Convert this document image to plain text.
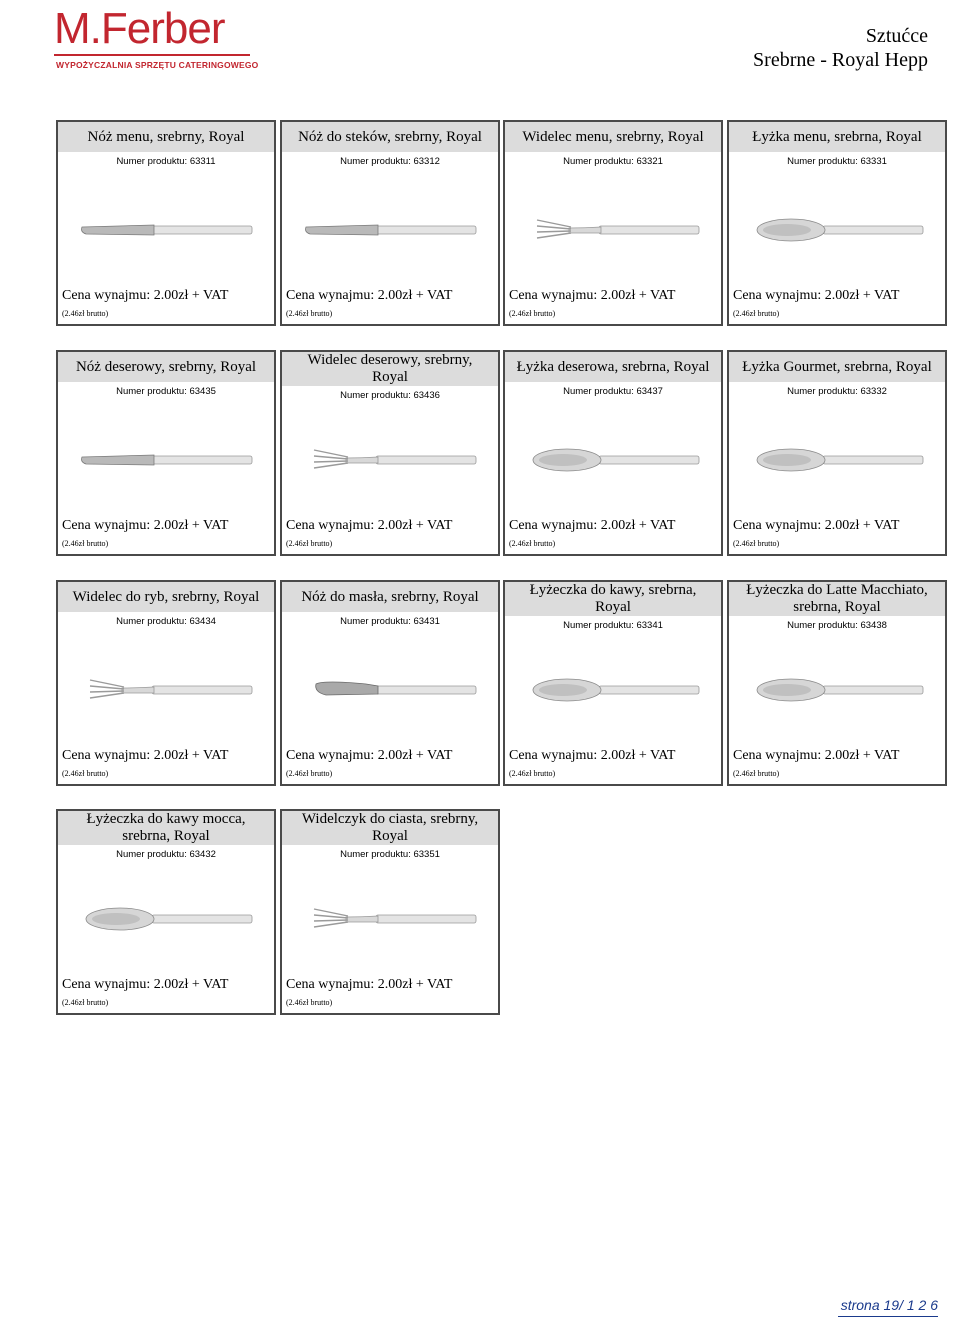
M.Ferber
WYPOŻYCZALNIA SPRZĘTU CATERINGOWEGO
Sztućce
Srebrne - Royal Hepp
Nóż menu, srebrny, Royal
Numer produktu: 63311
Cena wynajmu: 2.00zł + VAT
(2.46zł brutto)
Nóż do steków, srebrny, Royal
Numer produktu: 63312
Cena wynajmu: 2.00zł + VAT
(2.46zł brutto)
Widelec menu, srebrny, Royal
Numer produktu: 63321
Cena wynajmu: 2.00zł + VAT
(2.46zł brutto)
Łyżka menu, srebrna, Royal
Numer produktu: 63331
Cena wynajmu: 2.00zł + VAT
(2.46zł brutto)
Nóż deserowy, srebrny, Royal
Numer produktu: 63435
Cena wynajmu: 2.00zł + VAT
(2.46zł brutto)
Widelec deserowy, srebrny, Royal
Numer produktu: 63436
Cena wynajmu: 2.00zł + VAT
(2.46zł brutto)
Łyżka deserowa, srebrna, Royal
Numer produktu: 63437
Cena wynajmu: 2.00zł + VAT
(2.46zł brutto)
Łyżka Gourmet, srebrna, Royal
Numer produktu: 63332
Cena wynajmu: 2.00zł + VAT
(2.46zł brutto)
Widelec do ryb, srebrny, Royal
Numer produktu: 63434
Cena wynajmu: 2.00zł + VAT
(2.46zł brutto)
Nóż do masła, srebrny, Royal
Numer produktu: 63431
Cena wynajmu: 2.00zł + VAT
(2.46zł brutto)
Łyżeczka do kawy, srebrna, Royal
Numer produktu: 63341
Cena wynajmu: 2.00zł + VAT
(2.46zł brutto)
Łyżeczka do Latte Macchiato, srebrna, Royal
Numer produktu: 63438
Cena wynajmu: 2.00zł + VAT
(2.46zł brutto)
Łyżeczka do kawy mocca, srebrna, Royal
Numer produktu: 63432
Cena wynajmu: 2.00zł + VAT
(2.46zł brutto)
Widelczyk do ciasta, srebrny, Royal
Numer produktu: 63351
Cena wynajmu: 2.00zł + VAT
(2.46zł brutto)
strona 19/ 1 2 6
